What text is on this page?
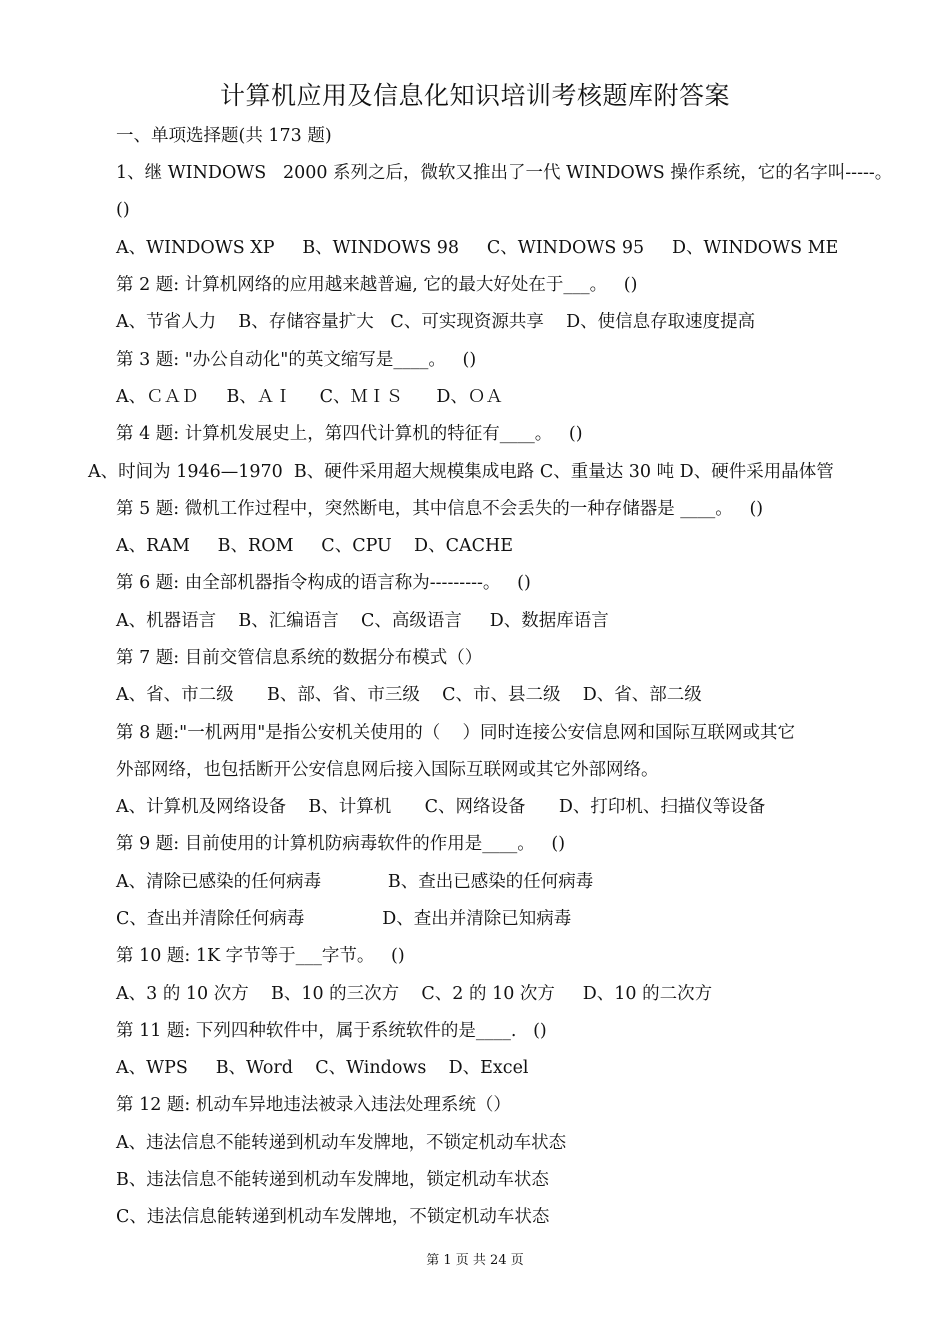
计算机应用及信息化知识培训考核题库附答案
一、单项选择题(共 173 题)
1、继 WINDOWS   2000 系列之后，微软又推出了一代 WINDOWS 操作系统，它的名字叫-----。
()
A、WINDOWS XP     B、WINDOWS 98     C、WINDOWS 95     D、WINDOWS ME
第 2 题: 计算机网络的应用越来越普遍, 它的最大好处在于___。   ()
A、节省人力    B、存储容量扩大   C、可实现资源共享    D、使信息存取速度提高
第 3 题: "办公自动化"的英文缩写是____。   ()
A、ＣＡＤ     B、ＡＩ     C、ＭＩＳ      D、ＯＡ
第 4 题: 计算机发展史上，第四代计算机的特征有____。   ()
A、时间为 1946—1970  B、硬件采用超大规模集成电路 C、重量达 30 吨 D、硬件采用晶体管
第 5 题: 微机工作过程中，突然断电，其中信息不会丢失的一种存储器是 ____。   ()
A、RAM     B、ROM     C、CPU    D、CACHE
第 6 题: 由全部机器指令构成的语言称为---------。   ()
A、机器语言    B、汇编语言    C、高级语言     D、数据库语言
第 7 题: 目前交管信息系统的数据分布模式（）
A、省、市二级      B、部、省、市三级    C、市、县二级    D、省、部二级
第 8 题:"一机两用"是指公安机关使用的（    ）同时连接公安信息网和国际互联网或其它
外部网络，也包括断开公安信息网后接入国际互联网或其它外部网络。
A、计算机及网络设备    B、计算机      C、网络设备      D、打印机、扫描仪等设备
第 9 题: 目前使用的计算机防病毒软件的作用是____。   ()
A、清除已感染的任何病毒            B、查出已感染的任何病毒
C、查出并清除任何病毒              D、查出并清除已知病毒
第 10 题: 1K 字节等于___字节。   ()
A、3 的 10 次方    B、10 的三次方    C、2 的 10 次方     D、10 的二次方
第 11 题: 下列四种软件中，属于系统软件的是____.   ()
A、WPS     B、Word    C、Windows    D、Excel
第 12 题: 机动车异地违法被录入违法处理系统（）
A、违法信息不能转递到机动车发牌地，不锁定机动车状态
B、违法信息不能转递到机动车发牌地，锁定机动车状态
C、违法信息能转递到机动车发牌地，不锁定机动车状态
第 1 页 共 24 页
